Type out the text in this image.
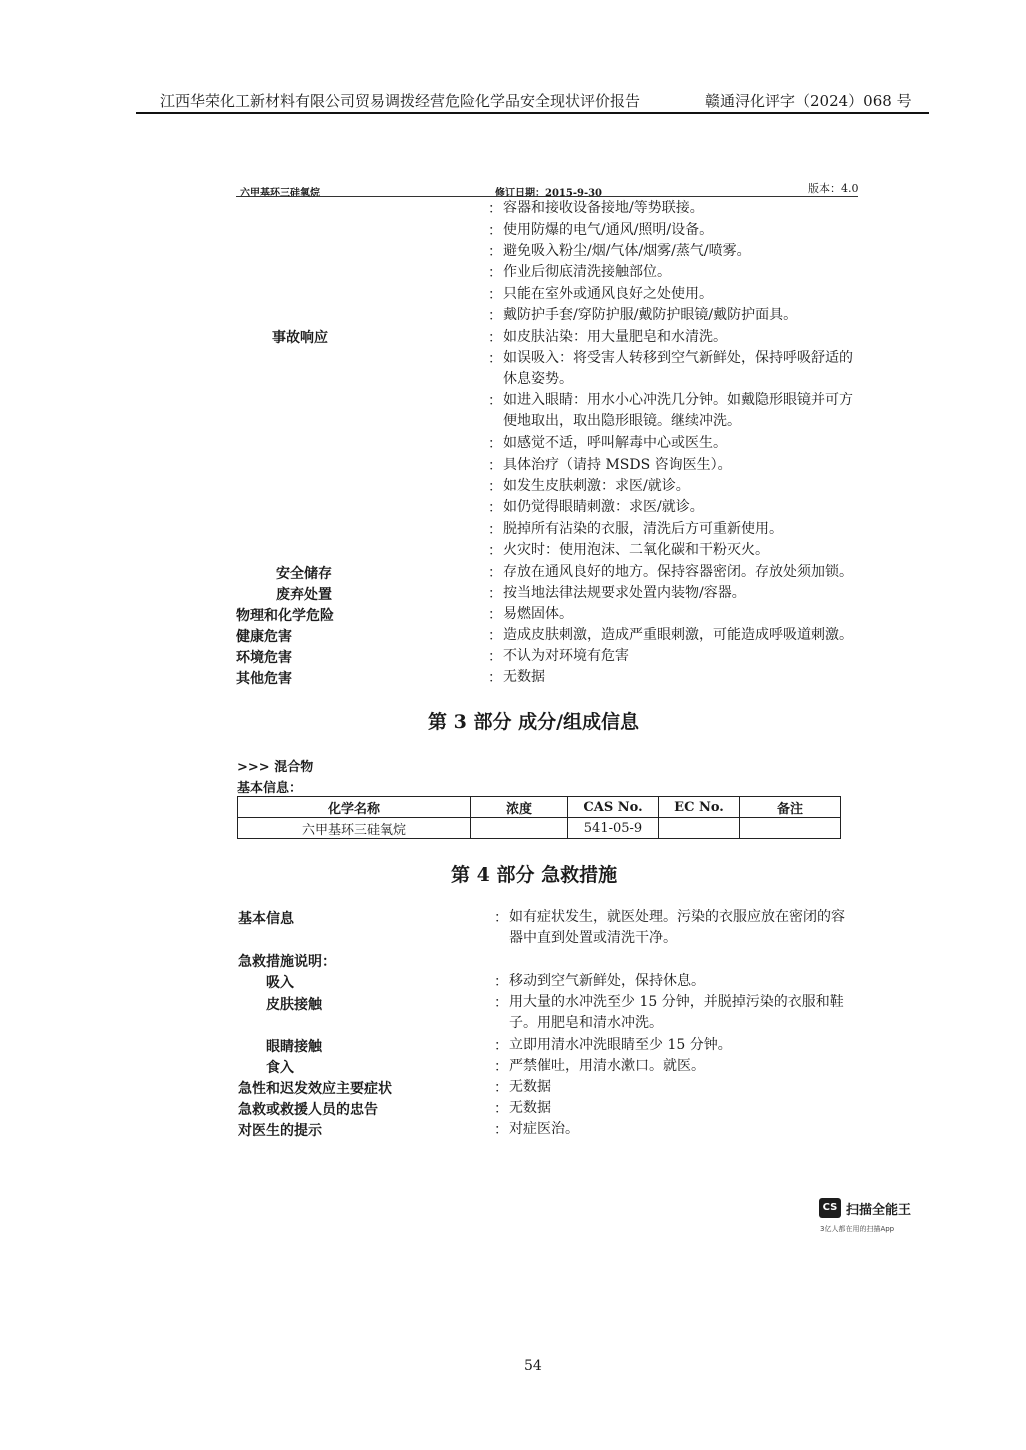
江西华荣化工新材料有限公司贸易调拨经营危险化学品安全现状评价报告	赣通浔化评字（2024）068 号
六甲基环三硅氧烷	修订日期：2015-9-30	版本：4.0
： 容器和接收设备接地/等势联接。
： 使用防爆的电气/通风/照明/设备。
： 避免吸入粉尘/烟/气体/烟雾/蒸气/喷雾。
： 作业后彻底清洗接触部位。
： 只能在室外或通风良好之处使用。
： 戴防护手套/穿防护服/戴防护眼镜/戴防护面具。
事故响应	： 如皮肤沾染：用大量肥皂和水清洗。
： 如误吸入：将受害人转移到空气新鲜处，保持呼吸舒适的休息姿势。
： 如进入眼睛：用水小心冲洗几分钟。如戴隐形眼镜并可方便地取出，取出隐形眼镜。继续冲洗。
： 如感觉不适，呼叫解毒中心或医生。
： 具体治疗（请持 MSDS 咨询医生）。
： 如发生皮肤刺激：求医/就诊。
： 如仍觉得眼睛刺激：求医/就诊。
： 脱掉所有沾染的衣服，清洗后方可重新使用。
： 火灾时：使用泡沫、二氧化碳和干粉灭火。
安全储存	： 存放在通风良好的地方。保持容器密闭。存放处须加锁。
废弃处置	： 按当地法律法规要求处置内装物/容器。
物理和化学危险	： 易燃固体。
健康危害	： 造成皮肤刺激，造成严重眼刺激，可能造成呼吸道刺激。
环境危害	： 不认为对环境有危害
其他危害	： 无数据
第 3 部分 成分/组成信息
>>> 混合物
基本信息：
化学名称	浓度	CAS No.	EC No.	备注
六甲基环三硅氧烷		541-05-9		
第 4 部分 急救措施
基本信息	： 如有症状发生，就医处理。污染的衣服应放在密闭的容器中直到处置或清洗干净。
急救措施说明：
吸入	： 移动到空气新鲜处，保持休息。
皮肤接触	： 用大量的水冲洗至少 15 分钟，并脱掉污染的衣服和鞋子。用肥皂和清水冲洗。
眼睛接触	： 立即用清水冲洗眼睛至少 15 分钟。
食入	： 严禁催吐，用清水漱口。就医。
急性和迟发效应主要症状	： 无数据
急救或救援人员的忠告	： 无数据
对医生的提示	： 对症医治。
CS 扫描全能王
3亿人都在用的扫描App
54
